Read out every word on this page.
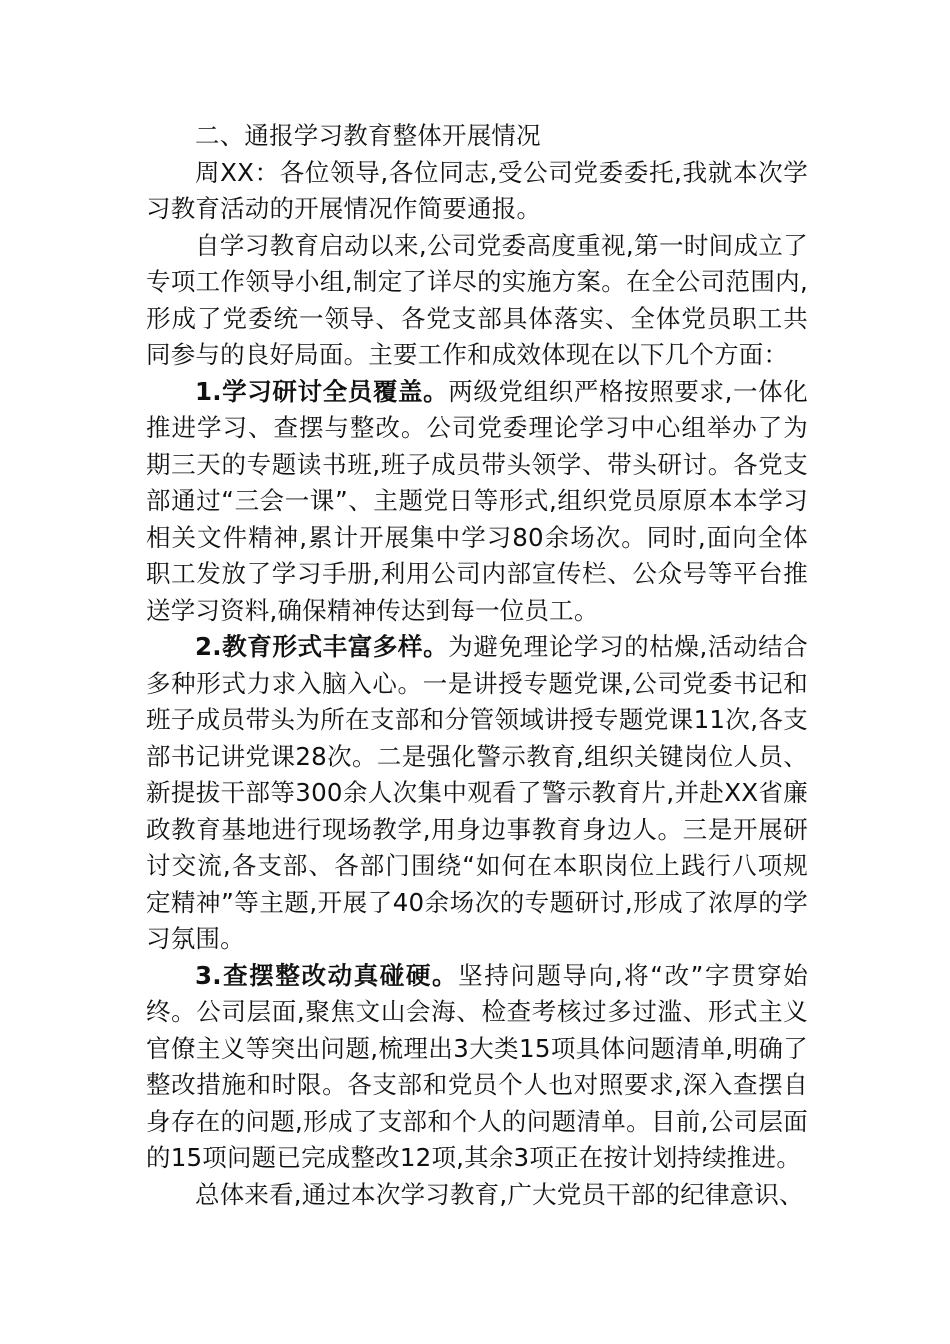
二、通报学习教育整体开展情况

周XX：各位领导,各位同志,受公司党委委托,我就本次学习教育活动的开展情况作简要通报。

自学习教育启动以来,公司党委高度重视,第一时间成立了专项工作领导小组,制定了详尽的实施方案。在全公司范围内,形成了党委统一领导、各党支部具体落实、全体党员职工共同参与的良好局面。主要工作和成效体现在以下几个方面：

1.学习研讨全员覆盖。两级党组织严格按照要求,一体化推进学习、查摆与整改。公司党委理论学习中心组举办了为期三天的专题读书班,班子成员带头领学、带头研讨。各党支部通过“三会一课”、主题党日等形式,组织党员原原本本学习相关文件精神,累计开展集中学习80余场次。同时,面向全体职工发放了学习手册,利用公司内部宣传栏、公众号等平台推送学习资料,确保精神传达到每一位员工。

2.教育形式丰富多样。为避免理论学习的枯燥,活动结合多种形式力求入脑入心。一是讲授专题党课,公司党委书记和班子成员带头为所在支部和分管领域讲授专题党课11次,各支部书记讲党课28次。二是强化警示教育,组织关键岗位人员、新提拔干部等300余人次集中观看了警示教育片,并赴XX省廉政教育基地进行现场教学,用身边事教育身边人。三是开展研讨交流,各支部、各部门围绕“如何在本职岗位上践行八项规定精神”等主题,开展了40余场次的专题研讨,形成了浓厚的学习氛围。

3.查摆整改动真碰硬。坚持问题导向,将“改”字贯穿始终。公司层面,聚焦文山会海、检查考核过多过滥、形式主义官僚主义等突出问题,梳理出3大类15项具体问题清单,明确了整改措施和时限。各支部和党员个人也对照要求,深入查摆自身存在的问题,形成了支部和个人的问题清单。目前,公司层面的15项问题已完成整改12项,其余3项正在按计划持续推进。

总体来看,通过本次学习教育,广大党员干部的纪律意识、
